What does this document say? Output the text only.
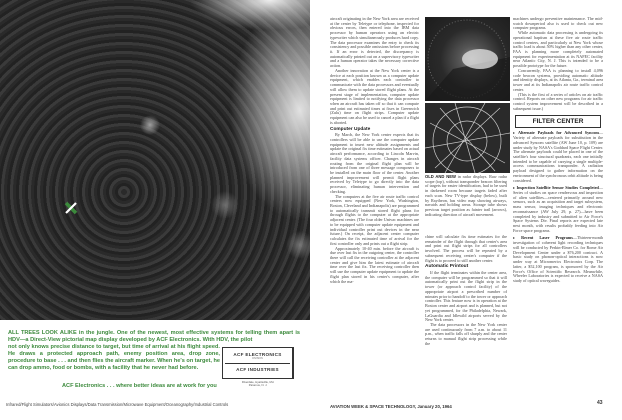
ALL TREES LOOK ALIKE in the jungle. One of the newest, most effective systems for telling them apart is HDV—a Direct-View pictorial map display developed by ACF Electronics. With HDV, the pilot
not only knows precise distance to target, but time of arrival at his flight speed. He draws a protected approach path, enemy position area, drop zone, procedure to base . . . and then flies the aircraft marker. When he's on target, he can drop ammo, food or bombs, with a facility that he never had before.
ACF Electronics . . . where better ideas are at work for you
ACF ELECTRONICS
DIVISION
ACF INDUSTRIES
Riverdale, Hyattsville, Md.
Paramus, N. J.
Infrared/Flight Simulators/Avionics Displays/Data Transmission/Microwave Equipment/Oceanography/Industrial Controls

aircraft originating in the New York area are received at the center by Teletype or telephone, inspected for obvious errors, then entered into the IBM data processor by human operators using an electric typewriter which simultaneously produces hard copy. The data processor examines the entry to check its consistency and possible omissions before processing it. If an error is detected, the discrepancy is automatically printed out on a supervisory typewriter and a human operator takes the necessary corrective action.

Another innovation at the New York center is a device at each position known as a computer update equipment, which enables each controller to communicate with the data processors and eventually will allow them to update stored flight plans. At the present stage of implementation, computer update equipment is limited to notifying the data processor when an aircraft has taken off so that it can compute and print out estimated times at fixes in Greenwich (Zulu) time on flight strips. Computer update equipment can also be used to cancel a plan if a flight is aborted.

Computer Update

By March, the New York center expects that its controllers will be able to use the computer update equipment to insert new altitude assignments and update the original fix time estimates based on actual aircraft performance, according to Lincoln Marvin, facility data systems officer. Changes in aircraft routing from the original flight plan will be introduced from one of three message composers to be installed on the main floor of the center. Another planned improvement will permit flight plans received by Teletype to go directly into the data processor, eliminating human intervention and checking.

The computers at the five air route traffic control centers now equipped (New York, Washington, Boston, Cleveland and Indianapolis) are programmed to automatically transmit stored flight plans for through flights to the computer at the appropriate adjacent center. (The four older Univac machines are to be equipped with computer update equipment and individual controller print out devices in the near future.) On receipt, the adjacent center computer calculates the fix estimated time of arrival for the first controller only and prints out a flight strip.

Approximately 10-40 min. before the aircraft is due over last fix in the outgoing center, the controller there will call the receiving controller at the adjacent center and give him the latest estimate of aircraft time over the last fix. The receiving controller then will use the computer update equipment to update the flight plan stored in his center's computer, after which the ma-

OLD AND NEW in radar displays. Raw radar scope (top), without transponder beacon filtering of targets for easier identification, had to be used in darkened room because targets faded after each scan. New TV-type display (below), built by Raytheon, has video map showing airways, navaids and holding areas. Storage tube shows previous target position as fainter trail (arrows), indicating direction of aircraft movement.

chine will calculate fix time estimates for the remainder of the flight through that center's area and print out flight strips for all controllers involved. The process will be repeated by a subsequent receiving center's computer if the flight is to proceed to still another center.

Automatic Printout

If the flight terminates within the center area, the computer will be programmed so that it will automatically print out the flight strip in the tower (or approach control facility) of the appropriate airport a prescribed number of minutes prior to handoff to the tower or approach controller. This feature now is in operation at the Boston center and airport and is planned, but not yet programmed, for the Philadelphia, Newark, LaGuardia and Idlewild airports served by the New York center.

The data processors in the New York center are used continuously from 7 a.m. to about 11 p.m., when traffic falls off sharply and the center returns to manual flight strip processing while the

machines undergo preventive maintenance. The mid-watch downperiod also is used to check out new computer programs.

While automatic data processing is undergoing its operational baptism at these five air route traffic control centers, and particularly at New York whose traffic load is about 50% higher than any other center, FAA is planning more completely automated equipment for experimentation at its NAFEC facility near Atlantic City, N. J. This is intended to be a possible prototype for the future.

Concurrently, FAA is planning to install 4,096 code beacon systems, providing automatic altitude and identity displays, at its Atlanta, Ga., terminal area tower and at its Indianapolis air route traffic control center.

(This is the first of a series of articles on air traffic control. Reports on other new programs for air traffic control system improvement will be described in a subsequent issue.)

FILTER CENTER

▸ Alternate Payloads for Advanced Syncom—Variety of alternate payloads for substitution in the advanced Syncom satellite (AW June 10, p. 109) are under study by NASA's Goddard Space Flight Center. The alternate payloads could be placed in one of the satellite's four structural quadrants, each one initially intended to be capable of carrying a single multiple-access communications transponder. A radiation payload designed to gather information on the environment of the synchronous orbit altitude is being considered.

▸ Inspection Satellite Sensor Studies Completed—Series of studies on space rendezvous and inspection of alien satellites—centered primarily around new sensors, such as an acquisition and target subsystem, mass sensor, imaging techniques and electronic reconnaissance (AW July 29, p. 27)—have been completed by industry and submitted to Air Force's Space Systems Div. Final reports are expected late next month, with results probably feeding into Air Force space programs.

▸ Recent Laser Programs—Thirteen-month investigation of coherent light recording techniques will be conducted by Perkin-Elmer Co. for Rome Air Development Center under a $76,200 contract. A basic study on phonon-optical interactions is now under way at Micromerics Electronics Corp. The latter, a $52,100 program, is sponsored by the Air Force's Office of Scientific Research. Meanwhile, Wheeler Laboratories is expected to receive a NASA study of optical waveguides.

AVIATION WEEK & SPACE TECHNOLOGY, January 20, 1964
43
